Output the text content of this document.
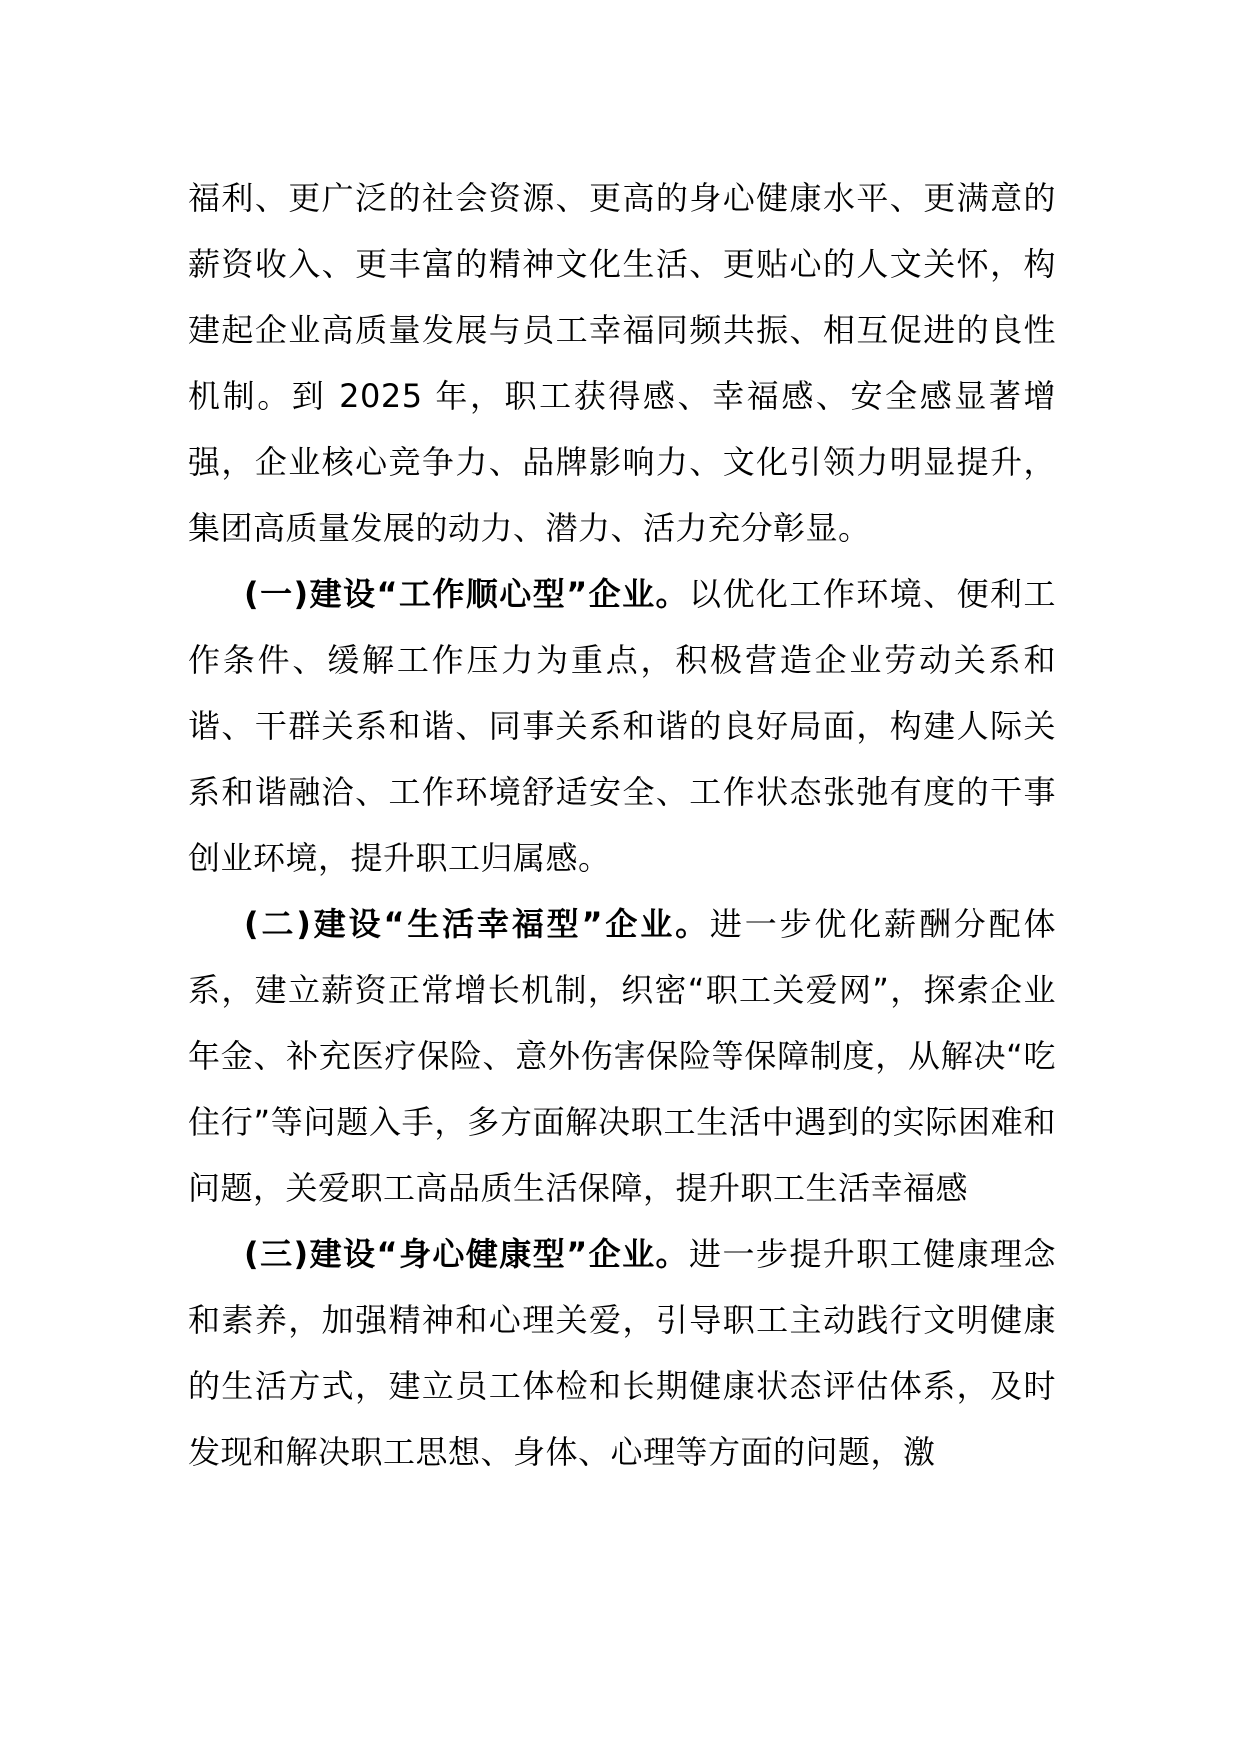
福利、更广泛的社会资源、更高的身心健康水平、更满意的薪资收入、更丰富的精神文化生活、更贴心的人文关怀，构建起企业高质量发展与员工幸福同频共振、相互促进的良性机制。到 2025 年，职工获得感、幸福感、安全感显著增强，企业核心竞争力、品牌影响力、文化引领力明显提升，集团高质量发展的动力、潜力、活力充分彰显。

(一)建设“工作顺心型”企业。以优化工作环境、便利工作条件、缓解工作压力为重点，积极营造企业劳动关系和谐、干群关系和谐、同事关系和谐的良好局面，构建人际关系和谐融洽、工作环境舒适安全、工作状态张弛有度的干事创业环境，提升职工归属感。

(二)建设“生活幸福型”企业。进一步优化薪酬分配体系，建立薪资正常增长机制，织密“职工关爱网”，探索企业年金、补充医疗保险、意外伤害保险等保障制度，从解决“吃住行”等问题入手，多方面解决职工生活中遇到的实际困难和问题，关爱职工高品质生活保障，提升职工生活幸福感

(三)建设“身心健康型”企业。进一步提升职工健康理念和素养，加强精神和心理关爱，引导职工主动践行文明健康的生活方式，建立员工体检和长期健康状态评估体系，及时发现和解决职工思想、身体、心理等方面的问题，激
